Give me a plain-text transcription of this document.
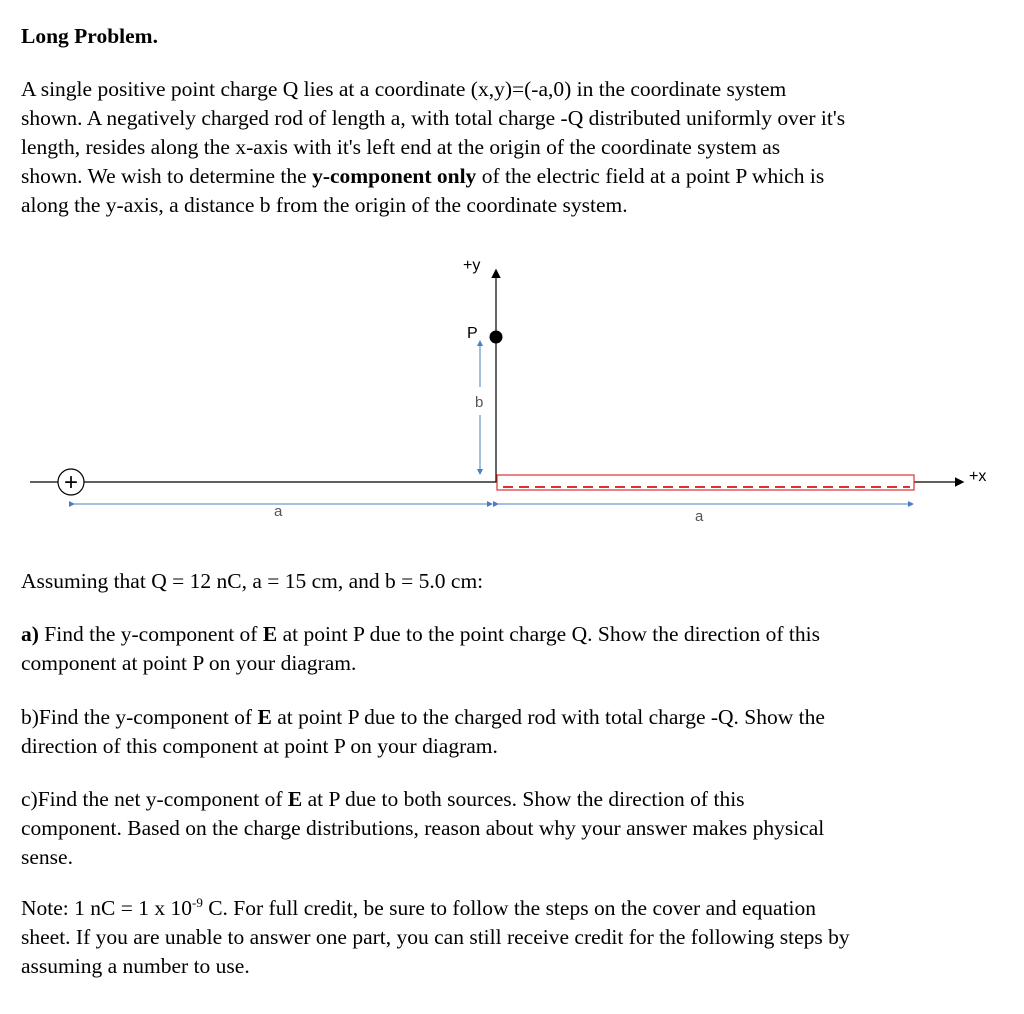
Long Problem.
A single positive point charge Q lies at a coordinate (x,y)=(-a,0) in the coordinate system
shown. A negatively charged rod of length a, with total charge -Q distributed uniformly over it's
length, resides along the x-axis with it's left end at the origin of the coordinate system as
shown. We wish to determine the y-component only of the electric field at a point P which is
along the y-axis, a distance b from the origin of the coordinate system.
+x
+y
P
b
+
a	a
Assuming that Q = 12 nC, a = 15 cm, and b = 5.0 cm:
a) Find the y-component of E at point P due to the point charge Q. Show the direction of this
component at point P on your diagram.
b)Find the y-component of E at point P due to the charged rod with total charge -Q. Show the
direction of this component at point P on your diagram.
c)Find the net y-component of E at P due to both sources. Show the direction of this
component. Based on the charge distributions, reason about why your answer makes physical
sense.
Note: 1 nC = 1 x $10^{-9}$ C. For full credit, be sure to follow the steps on the cover and equation
sheet. If you are unable to answer one part, you can still receive credit for the following steps by
assuming a number to use.
